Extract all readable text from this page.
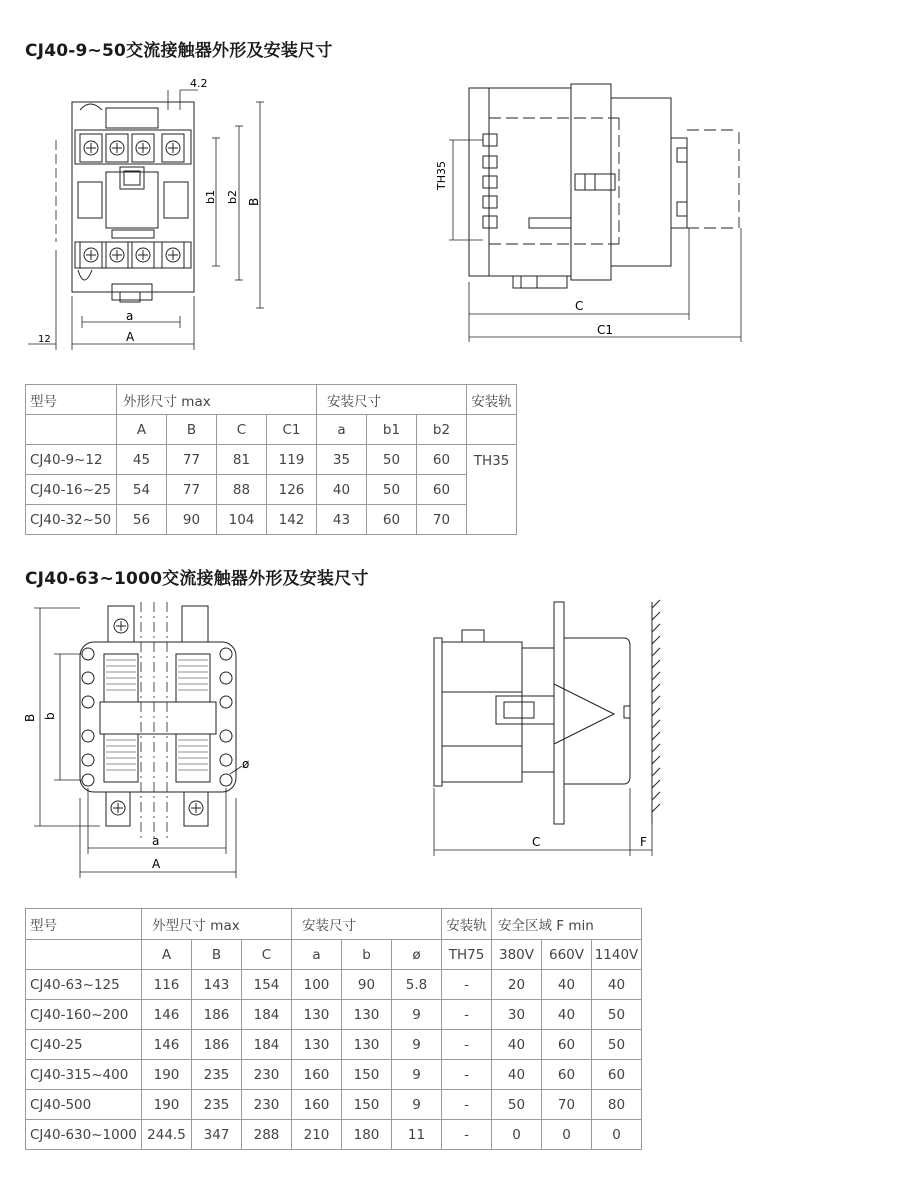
CJ40-9~50交流接触器外形及安装尺寸
4.2
b1 b2 B
a
A
12
TH35
C
C1
型号	外形尺寸 max				安装尺寸			安装轨
	A	B	C	C1	a	b1	b2	
CJ40-9~12	45	77	81	119	35	50	60	TH35
CJ40-16~25	54	77	88	126	40	50	60	
CJ40-32~50	56	90	104	142	43	60	70	
CJ40-63~1000交流接触器外形及安装尺寸
B b
a
A
ø
C	F
型号	外型尺寸 max			安装尺寸			安装轨	安全区域 F min		
	A	B	C	a	b	ø	TH75	380V	660V	1140V
CJ40-63~125	116	143	154	100	90	5.8	-	20	40	40
CJ40-160~200	146	186	184	130	130	9	-	30	40	50
CJ40-25	146	186	184	130	130	9	-	40	60	50
CJ40-315~400	190	235	230	160	150	9	-	40	60	60
CJ40-500	190	235	230	160	150	9	-	50	70	80
CJ40-630~1000	244.5	347	288	210	180	11	-	0	0	0
